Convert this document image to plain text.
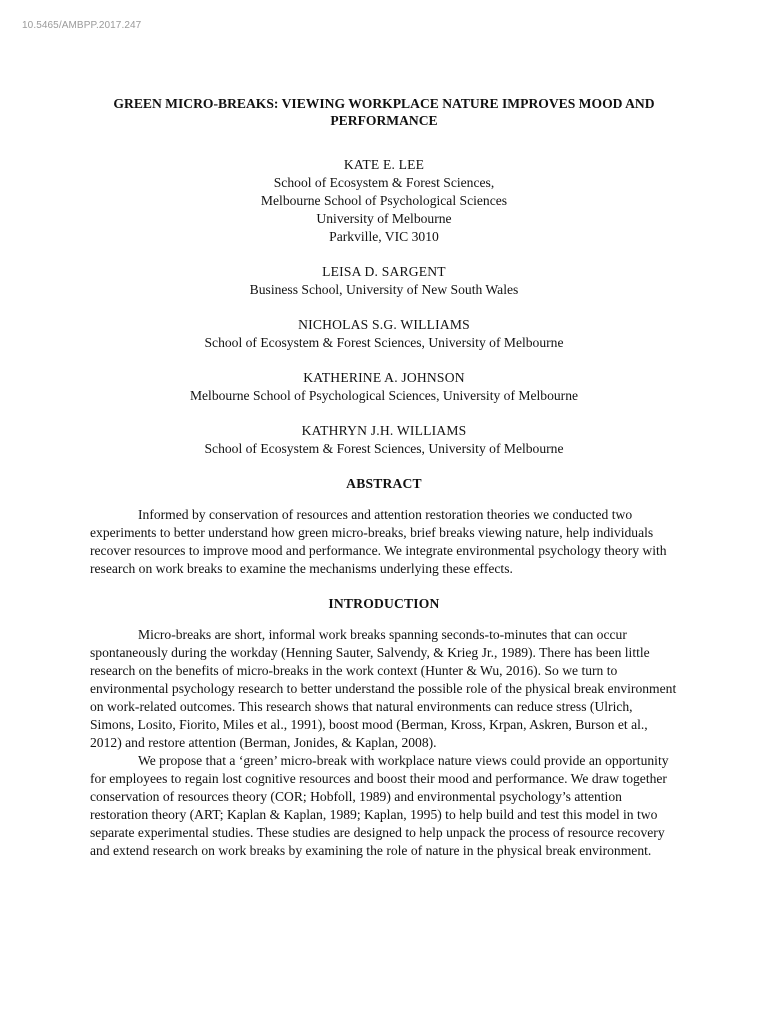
10.5465/AMBPP.2017.247
GREEN MICRO-BREAKS: VIEWING WORKPLACE NATURE IMPROVES MOOD AND PERFORMANCE
KATE E. LEE
School of Ecosystem & Forest Sciences,
Melbourne School of Psychological Sciences
University of Melbourne
Parkville, VIC 3010
LEISA D. SARGENT
Business School, University of New South Wales
NICHOLAS S.G. WILLIAMS
School of Ecosystem & Forest Sciences, University of Melbourne
KATHERINE A. JOHNSON
Melbourne School of Psychological Sciences, University of Melbourne
KATHRYN J.H. WILLIAMS
School of Ecosystem & Forest Sciences, University of Melbourne
ABSTRACT

Informed by conservation of resources and attention restoration theories we conducted two experiments to better understand how green micro-breaks, brief breaks viewing nature, help individuals recover resources to improve mood and performance. We integrate environmental psychology theory with research on work breaks to examine the mechanisms underlying these effects.

INTRODUCTION

Micro-breaks are short, informal work breaks spanning seconds-to-minutes that can occur spontaneously during the workday (Henning Sauter, Salvendy, & Krieg Jr., 1989). There has been little research on the benefits of micro-breaks in the work context (Hunter & Wu, 2016). So we turn to environmental psychology research to better understand the possible role of the physical break environment on work-related outcomes. This research shows that natural environments can reduce stress (Ulrich, Simons, Losito, Fiorito, Miles et al., 1991), boost mood (Berman, Kross, Krpan, Askren, Burson et al., 2012) and restore attention (Berman, Jonides, & Kaplan, 2008).

We propose that a ‘green’ micro-break with workplace nature views could provide an opportunity for employees to regain lost cognitive resources and boost their mood and performance. We draw together conservation of resources theory (COR; Hobfoll, 1989) and environmental psychology’s attention restoration theory (ART; Kaplan & Kaplan, 1989; Kaplan, 1995) to help build and test this model in two separate experimental studies. These studies are designed to help unpack the process of resource recovery and extend research on work breaks by examining the role of nature in the physical break environment.
